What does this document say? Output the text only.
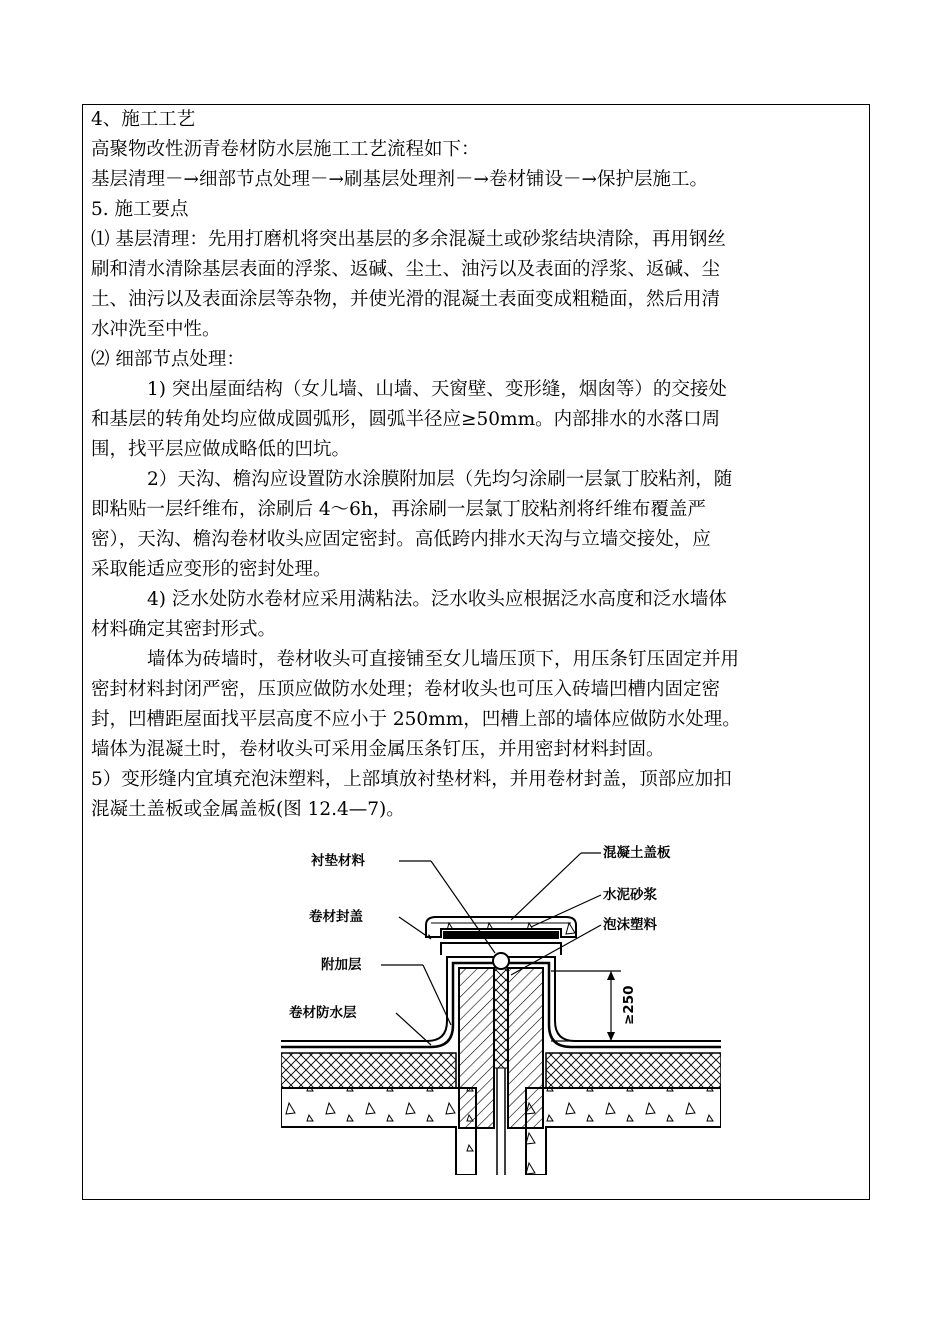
4、施工工艺
高聚物改性沥青卷材防水层施工工艺流程如下：
基层清理－→细部节点处理－→刷基层处理剂－→卷材铺设－→保护层施工。
5. 施工要点
⑴ 基层清理：先用打磨机将突出基层的多余混凝土或砂浆结块清除，再用钢丝
刷和清水清除基层表面的浮浆、返碱、尘土、油污以及表面的浮浆、返碱、尘
土、油污以及表面涂层等杂物，并使光滑的混凝土表面变成粗糙面，然后用清
水冲洗至中性。
⑵ 细部节点处理：
1) 突出屋面结构（女儿墙、山墙、天窗壁、变形缝，烟囱等）的交接处
和基层的转角处均应做成圆弧形，圆弧半径应≥50mm。内部排水的水落口周
围，找平层应做成略低的凹坑。
2）天沟、檐沟应设置防水涂膜附加层（先均匀涂刷一层氯丁胶粘剂，随
即粘贴一层纤维布，涂刷后 4～6h，再涂刷一层氯丁胶粘剂将纤维布覆盖严
密），天沟、檐沟卷材收头应固定密封。高低跨内排水天沟与立墙交接处，应
采取能适应变形的密封处理。
4) 泛水处防水卷材应采用满粘法。泛水收头应根据泛水高度和泛水墙体
材料确定其密封形式。
墙体为砖墙时，卷材收头可直接铺至女儿墙压顶下，用压条钉压固定并用
密封材料封闭严密，压顶应做防水处理；卷材收头也可压入砖墙凹槽内固定密
封，凹槽距屋面找平层高度不应小于 250mm，凹槽上部的墙体应做防水处理。
墙体为混凝土时，卷材收头可采用金属压条钉压，并用密封材料封固。
5）变形缝内宜填充泡沫塑料，上部填放衬垫材料，并用卷材封盖，顶部应加扣
混凝土盖板或金属盖板(图 12.4—7)。
衬垫材料
卷材封盖
附加层
卷材防水层
混凝土盖板
水泥砂浆
泡沫塑料
≥250
